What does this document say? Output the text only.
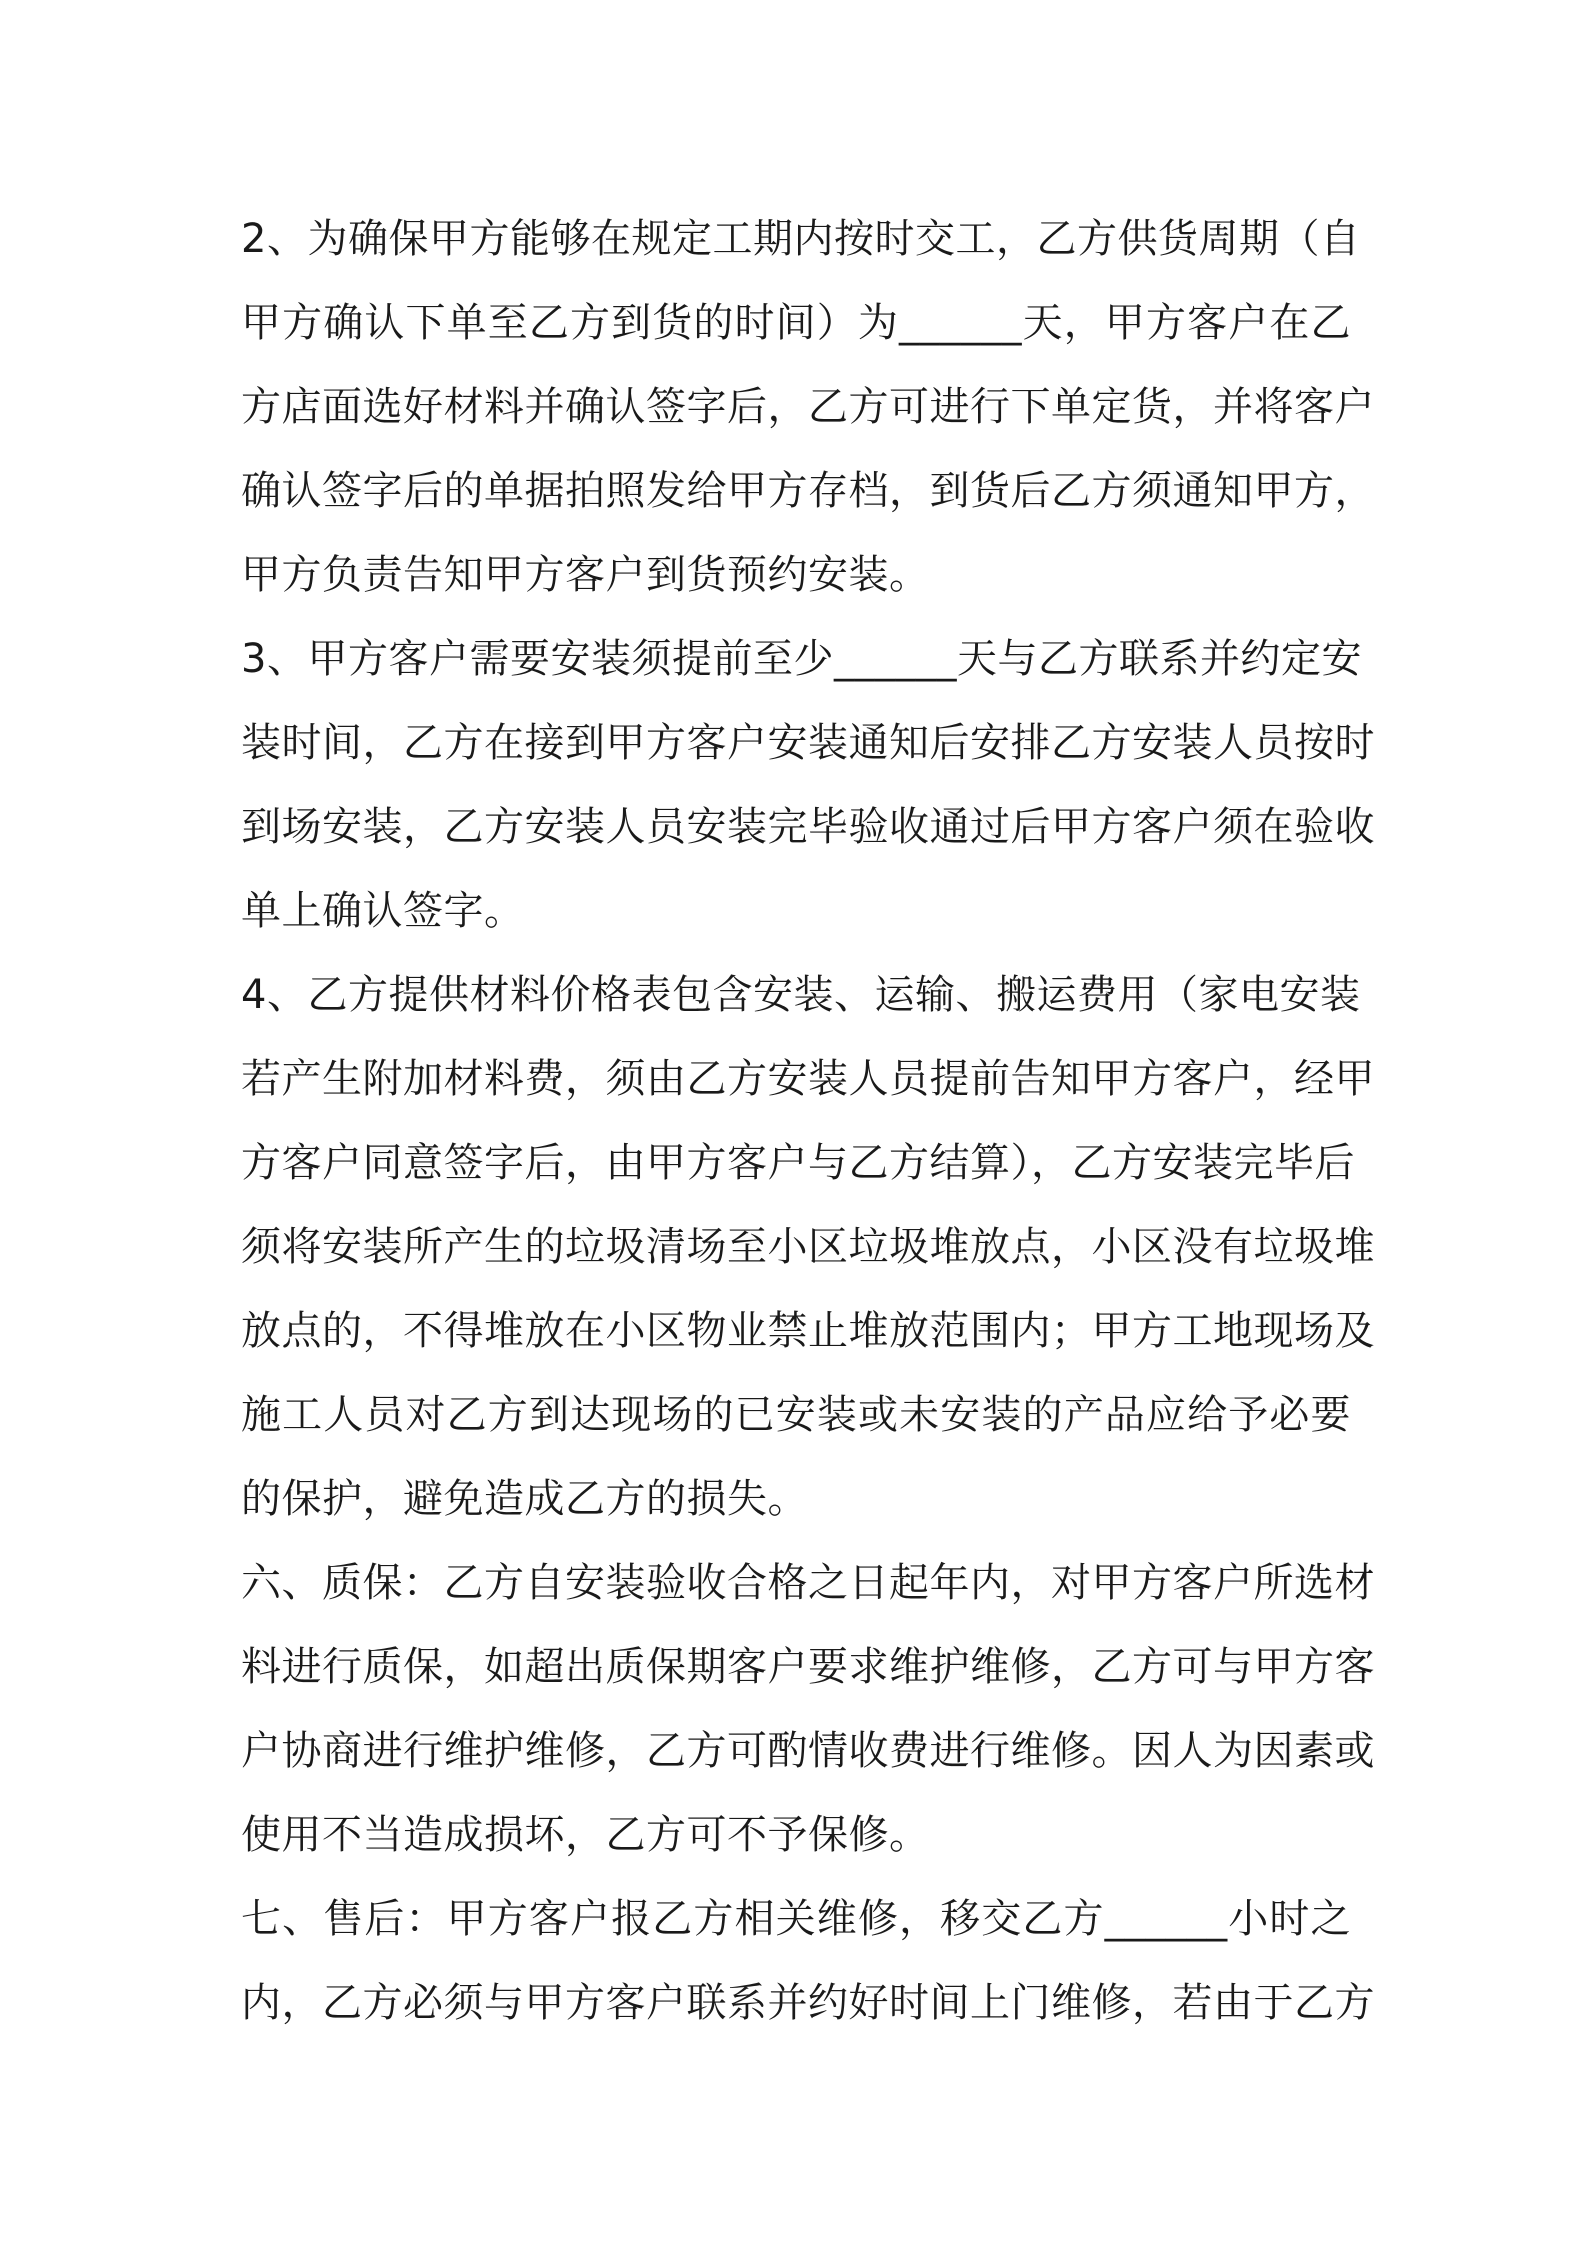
2、为确保甲方能够在规定工期内按时交工，乙方供货周期（自
甲方确认下单至乙方到货的时间）为______天，甲方客户在乙
方店面选好材料并确认签字后，乙方可进行下单定货，并将客户
确认签字后的单据拍照发给甲方存档，到货后乙方须通知甲方，
甲方负责告知甲方客户到货预约安装。
3、甲方客户需要安装须提前至少______天与乙方联系并约定安
装时间，乙方在接到甲方客户安装通知后安排乙方安装人员按时
到场安装，乙方安装人员安装完毕验收通过后甲方客户须在验收
单上确认签字。
4、乙方提供材料价格表包含安装、运输、搬运费用（家电安装
若产生附加材料费，须由乙方安装人员提前告知甲方客户，经甲
方客户同意签字后，由甲方客户与乙方结算），乙方安装完毕后
须将安装所产生的垃圾清场至小区垃圾堆放点，小区没有垃圾堆
放点的，不得堆放在小区物业禁止堆放范围内；甲方工地现场及
施工人员对乙方到达现场的已安装或未安装的产品应给予必要
的保护，避免造成乙方的损失。
六、质保：乙方自安装验收合格之日起年内，对甲方客户所选材
料进行质保，如超出质保期客户要求维护维修，乙方可与甲方客
户协商进行维护维修，乙方可酌情收费进行维修。因人为因素或
使用不当造成损坏，乙方可不予保修。
七、售后：甲方客户报乙方相关维修，移交乙方______小时之
内，乙方必须与甲方客户联系并约好时间上门维修，若由于乙方
